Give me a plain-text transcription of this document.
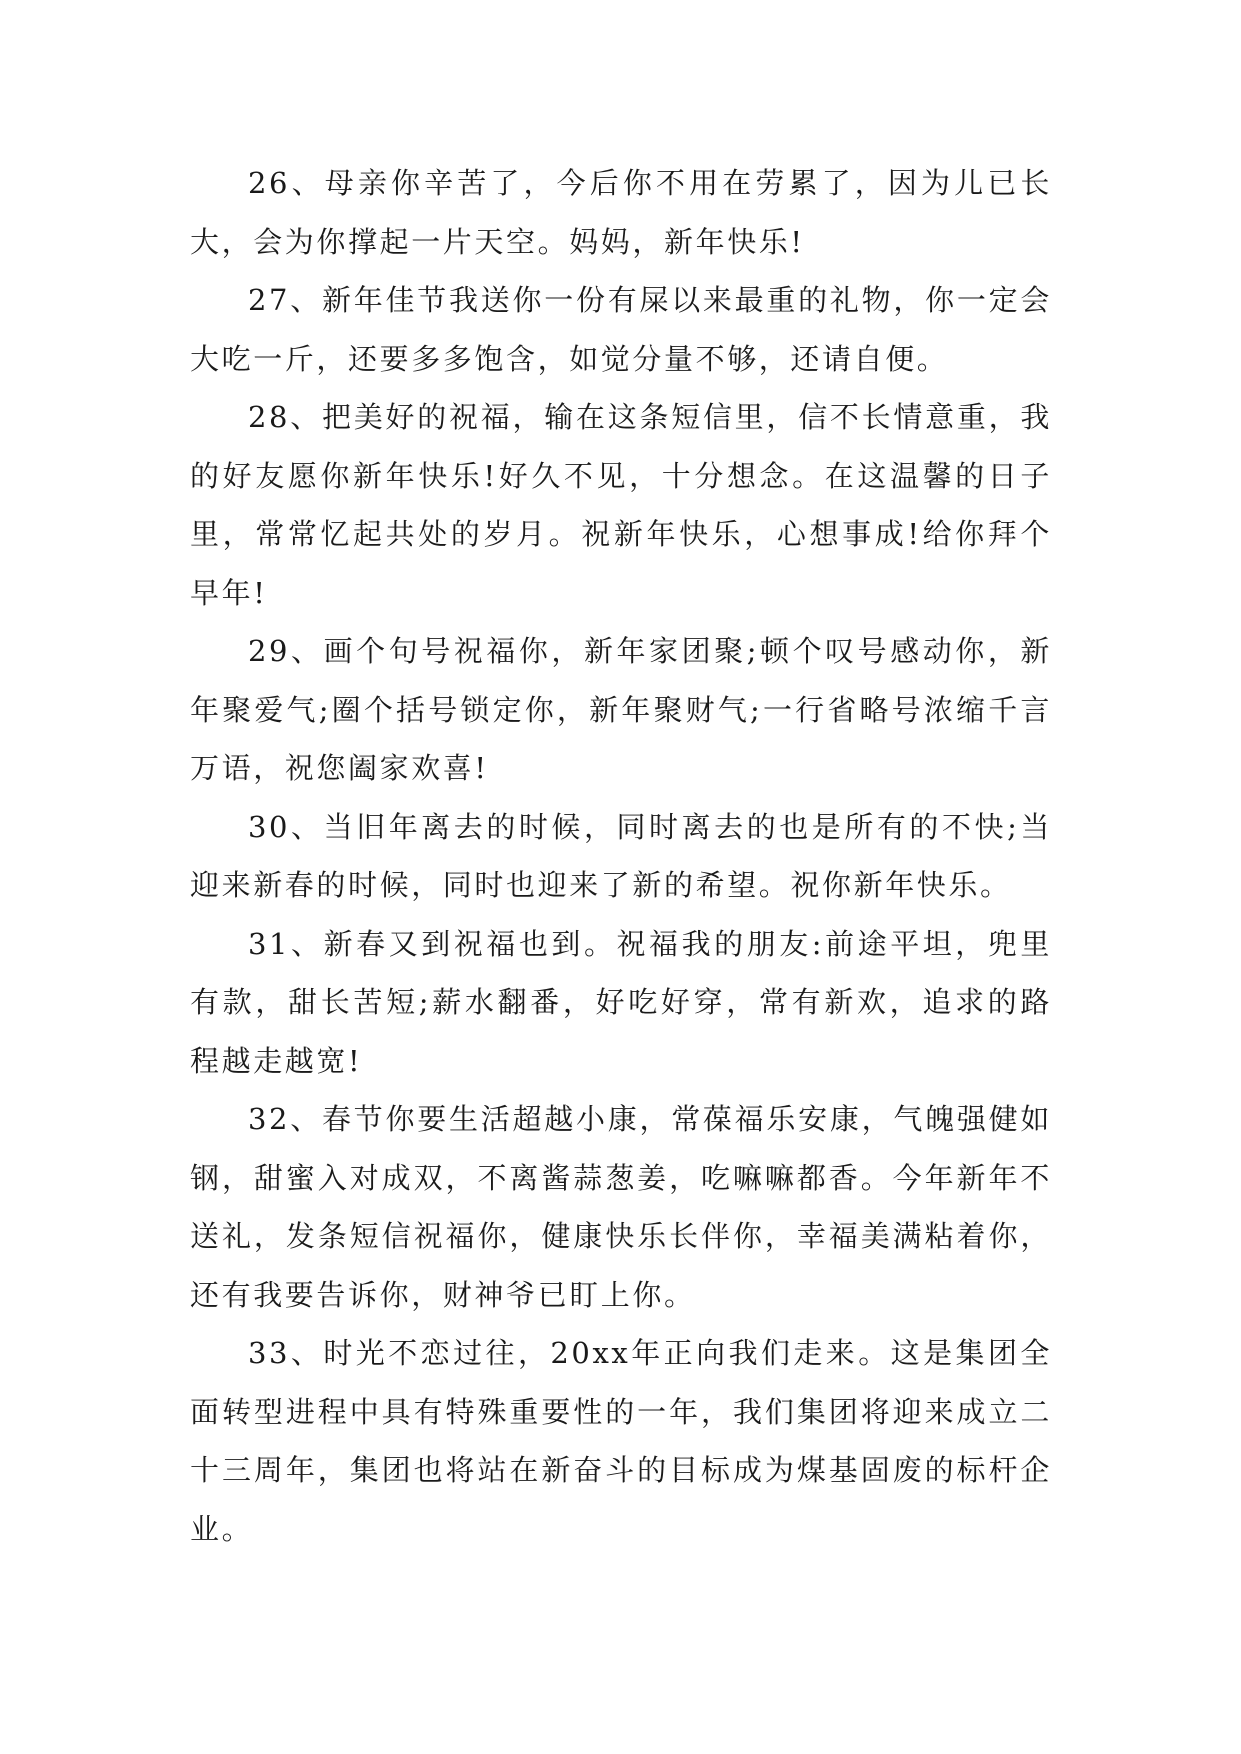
26、母亲你辛苦了，今后你不用在劳累了，因为儿已长大，会为你撑起一片天空。妈妈，新年快乐!

27、新年佳节我送你一份有屎以来最重的礼物，你一定会大吃一斤，还要多多饱含，如觉分量不够，还请自便。

28、把美好的祝福，输在这条短信里，信不长情意重，我的好友愿你新年快乐!好久不见，十分想念。在这温馨的日子里，常常忆起共处的岁月。祝新年快乐，心想事成!给你拜个早年!

29、画个句号祝福你，新年家团聚;顿个叹号感动你，新年聚爱气;圈个括号锁定你，新年聚财气;一行省略号浓缩千言万语，祝您阖家欢喜!

30、当旧年离去的时候，同时离去的也是所有的不快;当迎来新春的时候，同时也迎来了新的希望。祝你新年快乐。

31、新春又到祝福也到。祝福我的朋友:前途平坦，兜里有款，甜长苦短;薪水翻番，好吃好穿，常有新欢，追求的路程越走越宽!

32、春节你要生活超越小康，常葆福乐安康，气魄强健如钢，甜蜜入对成双，不离酱蒜葱姜，吃嘛嘛都香。今年新年不送礼，发条短信祝福你，健康快乐长伴你，幸福美满粘着你，还有我要告诉你，财神爷已盯上你。

33、时光不恋过往，20xx年正向我们走来。这是集团全面转型进程中具有特殊重要性的一年，我们集团将迎来成立二十三周年，集团也将站在新奋斗的目标成为煤基固废的标杆企业。
